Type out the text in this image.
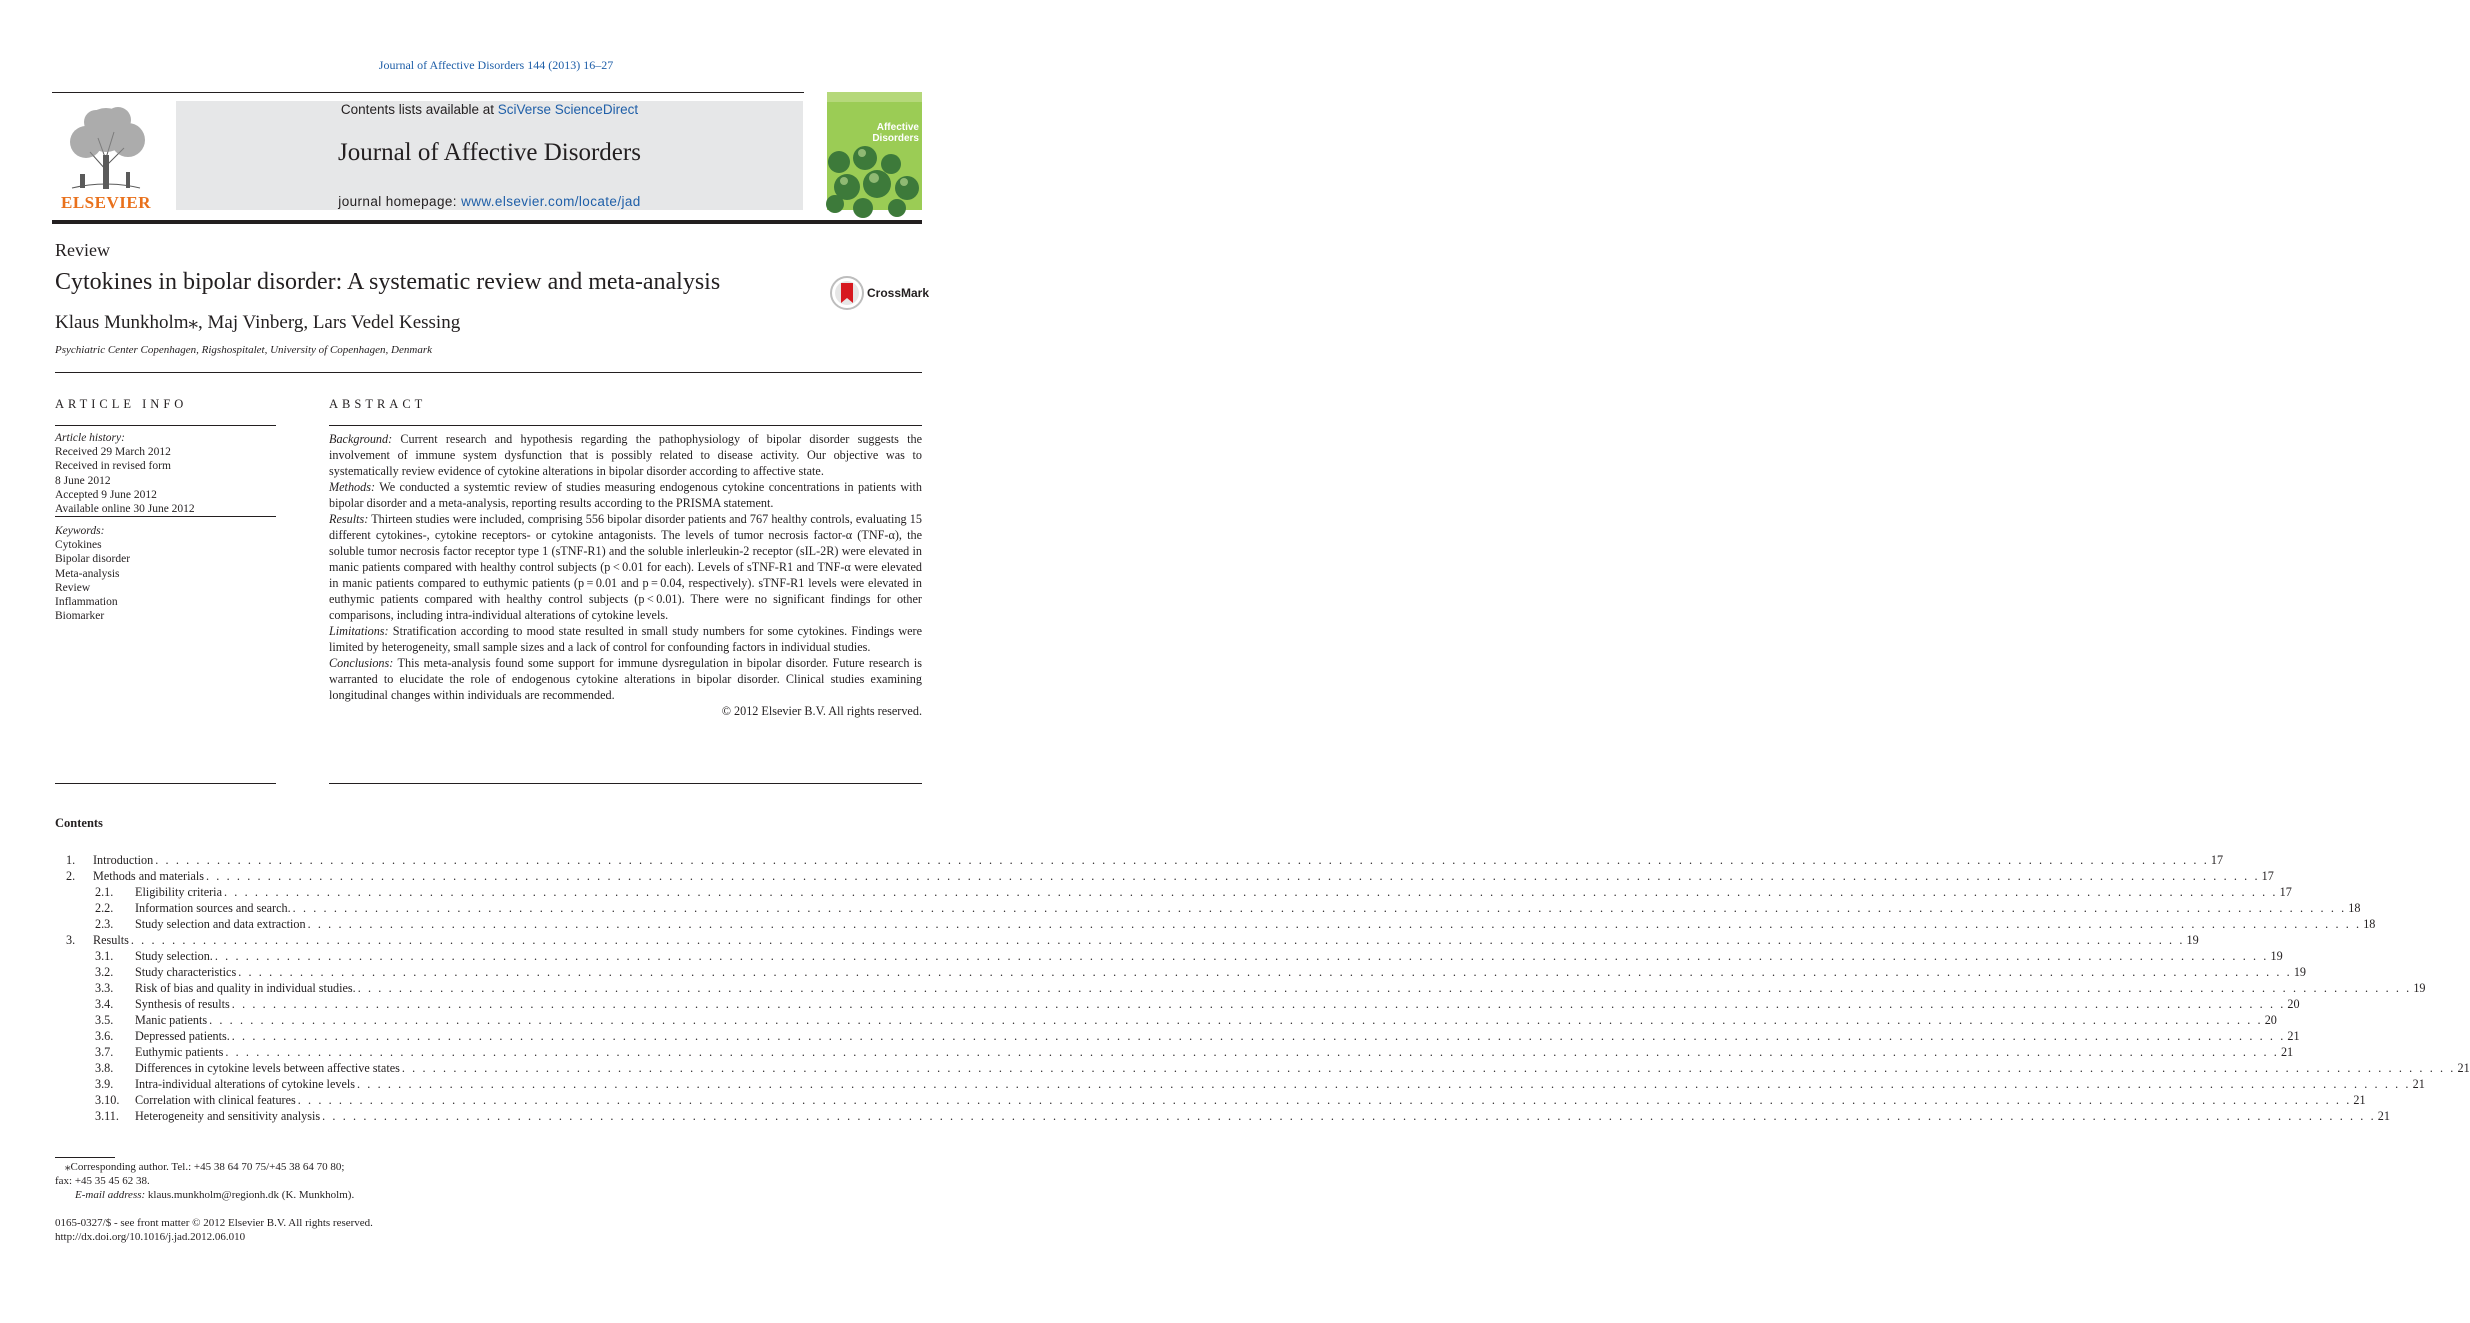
Journal of Affective Disorders 144 (2013) 16–27
ELSEVIER
Contents lists available at SciVerse ScienceDirect
Journal of Affective Disorders
journal homepage: www.elsevier.com/locate/jad
Affective Disorders
Review
Cytokines in bipolar disorder: A systematic review and meta-analysis	CrossMark
Klaus Munkholm⁎, Maj Vinberg, Lars Vedel Kessing
Psychiatric Center Copenhagen, Rigshospitalet, University of Copenhagen, Denmark
ARTICLE INFO	ABSTRACT
Article history:
Received 29 March 2012
Received in revised form
8 June 2012
Accepted 9 June 2012
Available online 30 June 2012
Keywords:
Cytokines
Bipolar disorder
Meta-analysis
Review
Inflammation
Biomarker

Background: Current research and hypothesis regarding the pathophysiology of bipolar disorder suggests the involvement of immune system dysfunction that is possibly related to disease activity. Our objective was to systematically review evidence of cytokine alterations in bipolar disorder according to affective state.

Methods: We conducted a systemtic review of studies measuring endogenous cytokine concentrations in patients with bipolar disorder and a meta-analysis, reporting results according to the PRISMA statement.

Results: Thirteen studies were included, comprising 556 bipolar disorder patients and 767 healthy controls, evaluating 15 different cytokines-, cytokine receptors- or cytokine antagonists. The levels of tumor necrosis factor-α (TNF-α), the soluble tumor necrosis factor receptor type 1 (sTNF-R1) and the soluble inlerleukin-2 receptor (sIL-2R) were elevated in manic patients compared with healthy control subjects (p < 0.01 for each). Levels of sTNF-R1 and TNF-α were elevated in manic patients compared to euthymic patients (p = 0.01 and p = 0.04, respectively). sTNF-R1 levels were elevated in euthymic patients compared with healthy control subjects (p < 0.01). There were no significant findings for other comparisons, including intra-individual alterations of cytokine levels.

Limitations: Stratification according to mood state resulted in small study numbers for some cytokines. Findings were limited by heterogeneity, small sample sizes and a lack of control for confounding factors in individual studies.

Conclusions: This meta-analysis found some support for immune dysregulation in bipolar disorder. Future research is warranted to elucidate the role of endogenous cytokine alterations in bipolar disorder. Clinical studies examining longitudinal changes within individuals are recommended.

© 2012 Elsevier B.V. All rights reserved.

Contents
1.	Introduction . . . . . . . . . . . . . . . . . . . . . . . . . . . . . . . . . . . . . . . . . . . . . . . . . . . . . . . . . . . . . . . . . . . . . . . . . . . . . . . . . . . . . . . . . . . . . . . . . . . . . . . . . . . . . . . . . . . . . . . . . . . . . . . . . . . . . . . . . . . . . . . . . . . . . . . . . . . . . . . . . . . . . . . . . . . . . . . . . . . . . . . . . . . . . . . . . . . . . . . . 17
2.	Methods and materials . . . . . . . . . . . . . . . . . . . . . . . . . . . . . . . . . . . . . . . . . . . . . . . . . . . . . . . . . . . . . . . . . . . . . . . . . . . . . . . . . . . . . . . . . . . . . . . . . . . . . . . . . . . . . . . . . . . . . . . . . . . . . . . . . . . . . . . . . . . . . . . . . . . . . . . . . . . . . . . . . . . . . . . . . . . . . . . . . . . . . . . . . . . . . . . . . . . . . . . . 17
2.1.	Eligibility criteria . . . . . . . . . . . . . . . . . . . . . . . . . . . . . . . . . . . . . . . . . . . . . . . . . . . . . . . . . . . . . . . . . . . . . . . . . . . . . . . . . . . . . . . . . . . . . . . . . . . . . . . . . . . . . . . . . . . . . . . . . . . . . . . . . . . . . . . . . . . . . . . . . . . . . . . . . . . . . . . . . . . . . . . . . . . . . . . . . . . . . . . . . . . . . . . . . . . . . . . . 17
2.2.	Information sources and search. . . . . . . . . . . . . . . . . . . . . . . . . . . . . . . . . . . . . . . . . . . . . . . . . . . . . . . . . . . . . . . . . . . . . . . . . . . . . . . . . . . . . . . . . . . . . . . . . . . . . . . . . . . . . . . . . . . . . . . . . . . . . . . . . . . . . . . . . . . . . . . . . . . . . . . . . . . . . . . . . . . . . . . . . . . . . . . . . . . . . . . . . . . . . . . . . . . . . . . . . 18
2.3.	Study selection and data extraction . . . . . . . . . . . . . . . . . . . . . . . . . . . . . . . . . . . . . . . . . . . . . . . . . . . . . . . . . . . . . . . . . . . . . . . . . . . . . . . . . . . . . . . . . . . . . . . . . . . . . . . . . . . . . . . . . . . . . . . . . . . . . . . . . . . . . . . . . . . . . . . . . . . . . . . . . . . . . . . . . . . . . . . . . . . . . . . . . . . . . . . . . . . . . . . . . . . . . . . . 18
3.	Results . . . . . . . . . . . . . . . . . . . . . . . . . . . . . . . . . . . . . . . . . . . . . . . . . . . . . . . . . . . . . . . . . . . . . . . . . . . . . . . . . . . . . . . . . . . . . . . . . . . . . . . . . . . . . . . . . . . . . . . . . . . . . . . . . . . . . . . . . . . . . . . . . . . . . . . . . . . . . . . . . . . . . . . . . . . . . . . . . . . . . . . . . . . . . . . . . . . . . . . . 19
3.1.	Study selection. . . . . . . . . . . . . . . . . . . . . . . . . . . . . . . . . . . . . . . . . . . . . . . . . . . . . . . . . . . . . . . . . . . . . . . . . . . . . . . . . . . . . . . . . . . . . . . . . . . . . . . . . . . . . . . . . . . . . . . . . . . . . . . . . . . . . . . . . . . . . . . . . . . . . . . . . . . . . . . . . . . . . . . . . . . . . . . . . . . . . . . . . . . . . . . . . . . . . . . . . 19
3.2.	Study characteristics . . . . . . . . . . . . . . . . . . . . . . . . . . . . . . . . . . . . . . . . . . . . . . . . . . . . . . . . . . . . . . . . . . . . . . . . . . . . . . . . . . . . . . . . . . . . . . . . . . . . . . . . . . . . . . . . . . . . . . . . . . . . . . . . . . . . . . . . . . . . . . . . . . . . . . . . . . . . . . . . . . . . . . . . . . . . . . . . . . . . . . . . . . . . . . . . . . . . . . . . 19
3.3.	Risk of bias and quality in individual studies. . . . . . . . . . . . . . . . . . . . . . . . . . . . . . . . . . . . . . . . . . . . . . . . . . . . . . . . . . . . . . . . . . . . . . . . . . . . . . . . . . . . . . . . . . . . . . . . . . . . . . . . . . . . . . . . . . . . . . . . . . . . . . . . . . . . . . . . . . . . . . . . . . . . . . . . . . . . . . . . . . . . . . . . . . . . . . . . . . . . . . . . . . . . . . . . . . . . . . . . . 19
3.4.	Synthesis of results . . . . . . . . . . . . . . . . . . . . . . . . . . . . . . . . . . . . . . . . . . . . . . . . . . . . . . . . . . . . . . . . . . . . . . . . . . . . . . . . . . . . . . . . . . . . . . . . . . . . . . . . . . . . . . . . . . . . . . . . . . . . . . . . . . . . . . . . . . . . . . . . . . . . . . . . . . . . . . . . . . . . . . . . . . . . . . . . . . . . . . . . . . . . . . . . . . . . . . . . 20
3.5.	Manic patients . . . . . . . . . . . . . . . . . . . . . . . . . . . . . . . . . . . . . . . . . . . . . . . . . . . . . . . . . . . . . . . . . . . . . . . . . . . . . . . . . . . . . . . . . . . . . . . . . . . . . . . . . . . . . . . . . . . . . . . . . . . . . . . . . . . . . . . . . . . . . . . . . . . . . . . . . . . . . . . . . . . . . . . . . . . . . . . . . . . . . . . . . . . . . . . . . . . . . . . . 20
3.6.	Depressed patients. . . . . . . . . . . . . . . . . . . . . . . . . . . . . . . . . . . . . . . . . . . . . . . . . . . . . . . . . . . . . . . . . . . . . . . . . . . . . . . . . . . . . . . . . . . . . . . . . . . . . . . . . . . . . . . . . . . . . . . . . . . . . . . . . . . . . . . . . . . . . . . . . . . . . . . . . . . . . . . . . . . . . . . . . . . . . . . . . . . . . . . . . . . . . . . . . . . . . . . . . 21
3.7.	Euthymic patients . . . . . . . . . . . . . . . . . . . . . . . . . . . . . . . . . . . . . . . . . . . . . . . . . . . . . . . . . . . . . . . . . . . . . . . . . . . . . . . . . . . . . . . . . . . . . . . . . . . . . . . . . . . . . . . . . . . . . . . . . . . . . . . . . . . . . . . . . . . . . . . . . . . . . . . . . . . . . . . . . . . . . . . . . . . . . . . . . . . . . . . . . . . . . . . . . . . . . . . . 21
3.8.	Differences in cytokine levels between affective states . . . . . . . . . . . . . . . . . . . . . . . . . . . . . . . . . . . . . . . . . . . . . . . . . . . . . . . . . . . . . . . . . . . . . . . . . . . . . . . . . . . . . . . . . . . . . . . . . . . . . . . . . . . . . . . . . . . . . . . . . . . . . . . . . . . . . . . . . . . . . . . . . . . . . . . . . . . . . . . . . . . . . . . . . . . . . . . . . . . . . . . . . . . . . . . . . . . . . . . . 21
3.9.	Intra-individual alterations of cytokine levels . . . . . . . . . . . . . . . . . . . . . . . . . . . . . . . . . . . . . . . . . . . . . . . . . . . . . . . . . . . . . . . . . . . . . . . . . . . . . . . . . . . . . . . . . . . . . . . . . . . . . . . . . . . . . . . . . . . . . . . . . . . . . . . . . . . . . . . . . . . . . . . . . . . . . . . . . . . . . . . . . . . . . . . . . . . . . . . . . . . . . . . . . . . . . . . . . . . . . . . . 21
3.10.	Correlation with clinical features . . . . . . . . . . . . . . . . . . . . . . . . . . . . . . . . . . . . . . . . . . . . . . . . . . . . . . . . . . . . . . . . . . . . . . . . . . . . . . . . . . . . . . . . . . . . . . . . . . . . . . . . . . . . . . . . . . . . . . . . . . . . . . . . . . . . . . . . . . . . . . . . . . . . . . . . . . . . . . . . . . . . . . . . . . . . . . . . . . . . . . . . . . . . . . . . . . . . . . . . 21
3.11.	Heterogeneity and sensitivity analysis . . . . . . . . . . . . . . . . . . . . . . . . . . . . . . . . . . . . . . . . . . . . . . . . . . . . . . . . . . . . . . . . . . . . . . . . . . . . . . . . . . . . . . . . . . . . . . . . . . . . . . . . . . . . . . . . . . . . . . . . . . . . . . . . . . . . . . . . . . . . . . . . . . . . . . . . . . . . . . . . . . . . . . . . . . . . . . . . . . . . . . . . . . . . . . . . . . . . . . . . 21
⁎Corresponding author. Tel.: +45 38 64 70 75/+45 38 64 70 80;
fax: +45 35 45 62 38.
E-mail address: klaus.munkholm@regionh.dk (K. Munkholm).
0165-0327/$ - see front matter © 2012 Elsevier B.V. All rights reserved.
http://dx.doi.org/10.1016/j.jad.2012.06.010
